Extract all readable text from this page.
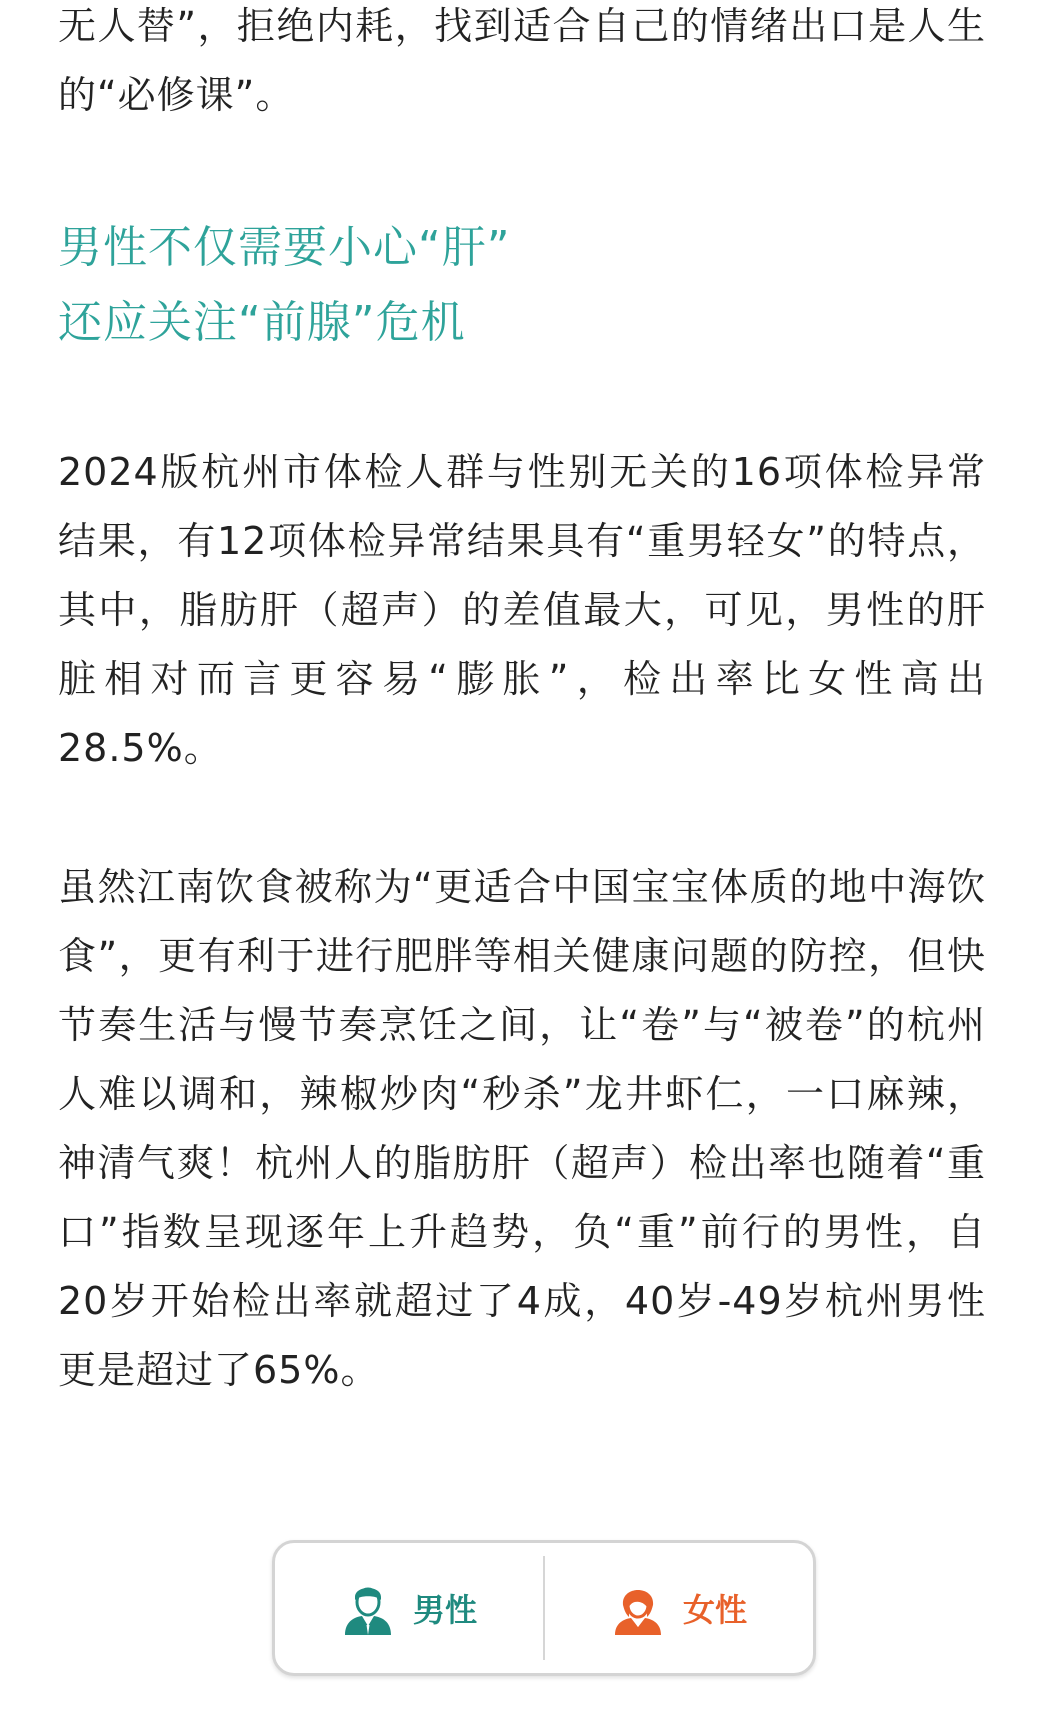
无人替”，拒绝内耗，找到适合自己的情绪出口是人生的“必修课”。

男性不仅需要小心“肝”
还应关注“前腺”危机

2024版杭州市体检人群与性别无关的16项体检异常结果，有12项体检异常结果具有“重男轻女”的特点，其中，脂肪肝（超声）的差值最大，可见，男性的肝脏相对而言更容易“膨胀”，检出率比女性高出28.5%。

虽然江南饮食被称为“更适合中国宝宝体质的地中海饮食”，更有利于进行肥胖等相关健康问题的防控，但快节奏生活与慢节奏烹饪之间，让“卷”与“被卷”的杭州人难以调和，辣椒炒肉“秒杀”龙井虾仁，一口麻辣，神清气爽！杭州人的脂肪肝（超声）检出率也随着“重口”指数呈现逐年上升趋势，负“重”前行的男性，自20岁开始检出率就超过了4成，40岁-49岁杭州男性更是超过了65%。

男性	女性
